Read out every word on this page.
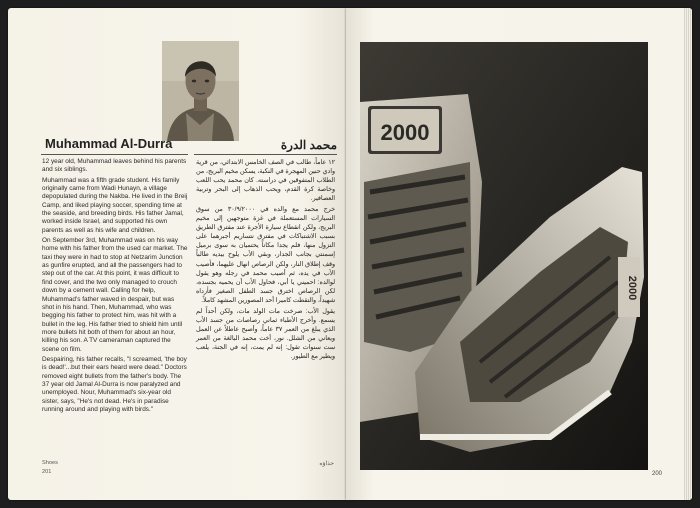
Muhammad Al-Durra	محمد الدرة

12 year old, Muhammad leaves behind his parents and six siblings.

Muhammad was a fifth grade student. His family originally came from Wadi Hunayn, a village depopulated during the Nakba. He lived in the Breij Camp, and liked playing soccer, spending time at the seaside, and breeding birds. His father Jamal, worked inside Israel, and supported his own parents as well as his wife and children.

On September 3rd, Muhammad was on his way home with his father from the used car market. The taxi they were in had to stop at Netzarim Junction as gunfire erupted, and all the passengers had to step out of the car. At this point, it was difficult to find cover, and the two only managed to crouch down by a cement wall. Calling for help, Muhammad's father waved in despair, but was shot in his hand. Then, Muhammad, who was begging his father to protect him, was hit with a bullet in the leg. His father tried to shield him until more bullets hit both of them for about an hour, killing his son. A TV cameraman captured the scene on film.

Despairing, his father recalls, "I screamed, 'the boy is dead!'...but their ears heard were dead." Doctors removed eight bullets from the father's body. The 37 year old Jamal Al-Durra is now paralyzed and unemployed. Nour, Muhammad's six-year old sister, says, "He's not dead. He's in paradise running around and playing with birds."

١٢ عاماً، طالب في الصف الخامس الابتدائي، من قرية وادي حنين المهجرة في النكبة، يسكن مخيم البريج، من الطلاب المتفوقين في دراسته. كان محمد يحب اللعب وخاصة كرة القدم، ويحب الذهاب إلى البحر وتربية العصافير.

خرج محمد مع والده في ٣٠/٩/٢٠٠٠ من سوق السيارات المستعملة في غزة متوجهين إلى مخيم البريج، ولكن انقطاع سيارة الأجرة عند مفترق الطريق بسبب الاشتباكات في مفترق نتساريم أجبرهما على النزول منها، فلم يجدا مكاناً يحتميان به سوى برميل إسمنتي بجانب الجدار، وبقي الأب يلوح بيديه طالباً وقف إطلاق النار، ولكن الرصاص انهال عليهما، فأصيب الأب في يده، ثم أصيب محمد في رجله وهو يقول لوالده: احميني يا أبي، فحاول الأب أن يحميه بجسده، لكن الرصاص اخترق جسد الطفل الصغير فأرداه شهيداً، والتقطت كاميرا أحد المصورين المشهد كاملاً.

يقول الأب: صرخت مات الولد مات، ولكن أحداً لم يسمع. وأخرج الأطباء ثماني رصاصات من جسد الأب الذي يبلغ من العمر ٣٧ عاماً، وأصبح عاطلاً عن العمل ويعاني من الشلل. نور، أخت محمد البالغة من العمر ست سنوات تقول: إنه لم يمت، إنه في الجنة، يلعب ويطير مع الطيور.

Shoes
201
حذاؤه
2000
2000
200
